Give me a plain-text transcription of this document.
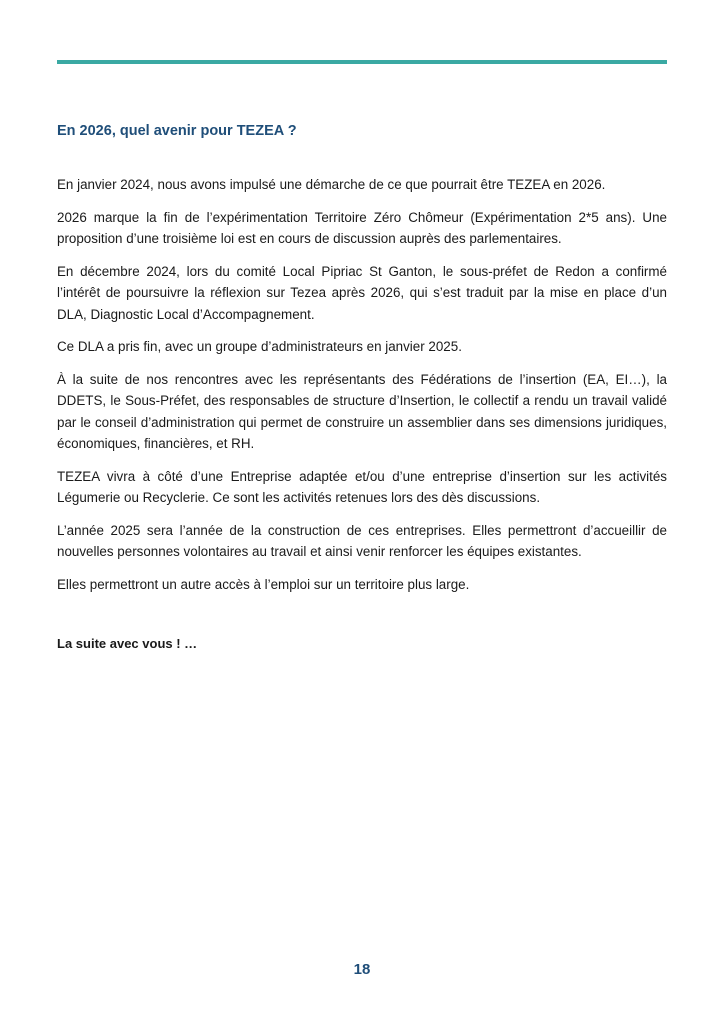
En 2026, quel avenir pour TEZEA ?

En janvier 2024, nous avons impulsé une démarche de ce que pourrait être TEZEA en 2026.

2026 marque la fin de l’expérimentation Territoire Zéro Chômeur (Expérimentation 2*5 ans). Une proposition d’une troisième loi est en cours de discussion auprès des parlementaires.

En décembre 2024, lors du comité Local Pipriac St Ganton, le sous-préfet de Redon a confirmé l’intérêt de poursuivre la réflexion sur Tezea après 2026, qui s’est traduit par la mise en place d’un DLA, Diagnostic Local d’Accompagnement.

Ce DLA a pris fin, avec un groupe d’administrateurs en janvier 2025.

À la suite de nos rencontres avec les représentants des Fédérations de l’insertion (EA, EI…), la DDETS, le Sous-Préfet, des responsables de structure d’Insertion, le collectif a rendu un travail validé par le conseil d’administration qui permet de construire un assemblier dans ses dimensions juridiques, économiques, financières, et RH.

TEZEA vivra à côté d’une Entreprise adaptée et/ou d’une entreprise d’insertion sur les activités Légumerie ou Recyclerie. Ce sont les activités retenues lors des dès discussions.

L’année 2025 sera l’année de la construction de ces entreprises. Elles permettront d’accueillir de nouvelles personnes volontaires au travail et ainsi venir renforcer les équipes existantes.

Elles permettront un autre accès à l’emploi sur un territoire plus large.

La suite avec vous ! …

18
